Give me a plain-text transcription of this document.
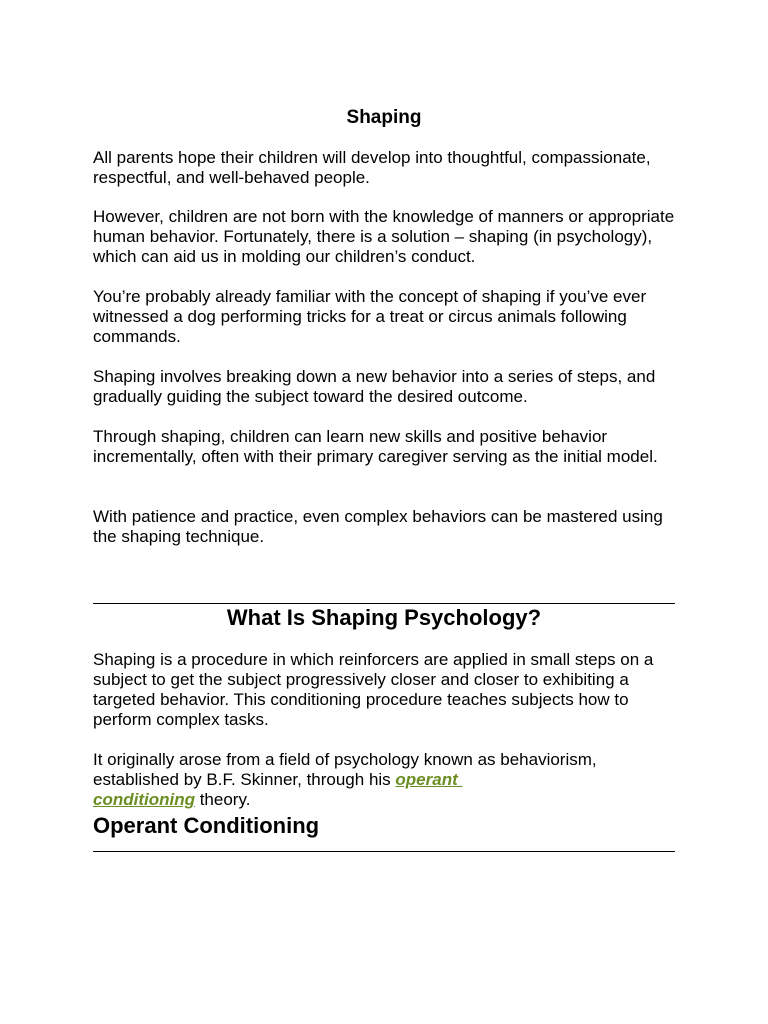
Shaping

All parents hope their children will develop into thoughtful, compassionate, respectful, and well-behaved people.

However, children are not born with the knowledge of manners or appropriate human behavior. Fortunately, there is a solution – shaping (in psychology), which can aid us in molding our children’s conduct.

You’re probably already familiar with the concept of shaping if you’ve ever witnessed a dog performing tricks for a treat or circus animals following commands.

Shaping involves breaking down a new behavior into a series of steps, and gradually guiding the subject toward the desired outcome.

Through shaping, children can learn new skills and positive behavior incrementally, often with their primary caregiver serving as the initial model.

With patience and practice, even complex behaviors can be mastered using the shaping technique.

What Is Shaping Psychology?

Shaping is a procedure in which reinforcers are applied in small steps on a subject to get the subject progressively closer and closer to exhibiting a targeted behavior. This conditioning procedure teaches subjects how to perform complex tasks.

It originally arose from a field of psychology known as behaviorism, established by B.F. Skinner, through his operant
conditioning theory.

Operant Conditioning
